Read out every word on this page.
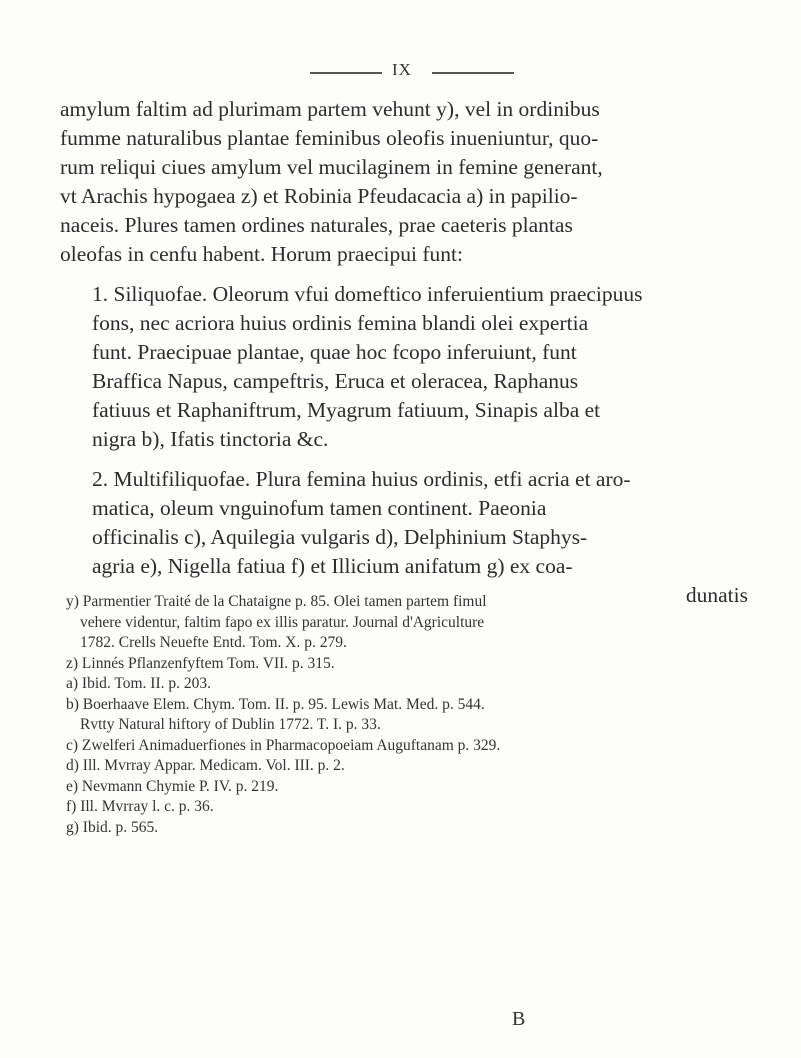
IX
amylum faltim ad plurimam partem vehunt y), vel in ordinibus
fumme naturalibus plantae feminibus oleofis inueniuntur, quo-
rum reliqui ciues amylum vel mucilaginem in femine generant,
vt Arachis hypogaea z) et Robinia Pfeudacacia a) in papilio-
naceis. Plures tamen ordines naturales, prae caeteris plantas
oleofas in cenfu habent. Horum praecipui funt:
1. Siliquofae. Oleorum vfui domeftico inferuientium praecipuus
fons, nec acriora huius ordinis femina blandi olei expertia
funt. Praecipuae plantae, quae hoc fcopo inferuiunt, funt
Braffica Napus, campeftris, Eruca et oleracea, Raphanus
fatiuus et Raphaniftrum, Myagrum fatiuum, Sinapis alba et
nigra b), Ifatis tinctoria &c.
2. Multifiliquofae. Plura femina huius ordinis, etfi acria et aro-
matica, oleum vnguinofum tamen continent. Paeonia
officinalis c), Aquilegia vulgaris d), Delphinium Staphys-
agria e), Nigella fatiua f) et Illicium anifatum g) ex coa-
dunatis
y) Parmentier Traité de la Chataigne p. 85. Olei tamen partem fimul
vehere videntur, faltim fapo ex illis paratur. Journal d'Agriculture
1782. Crells Neuefte Entd. Tom. X. p. 279.
z) Linnés Pflanzenfyftem Tom. VII. p. 315.
a) Ibid. Tom. II. p. 203.
b) Boerhaave Elem. Chym. Tom. II. p. 95. Lewis Mat. Med. p. 544.
Rvtty Natural hiftory of Dublin 1772. T. I. p. 33.
c) Zwelferi Animaduerfiones in Pharmacopoeiam Auguftanam p. 329.
d) Ill. Mvrray Appar. Medicam. Vol. III. p. 2.
e) Nevmann Chymie P. IV. p. 219.
f) Ill. Mvrray l. c. p. 36.
g) Ibid. p. 565.
B
